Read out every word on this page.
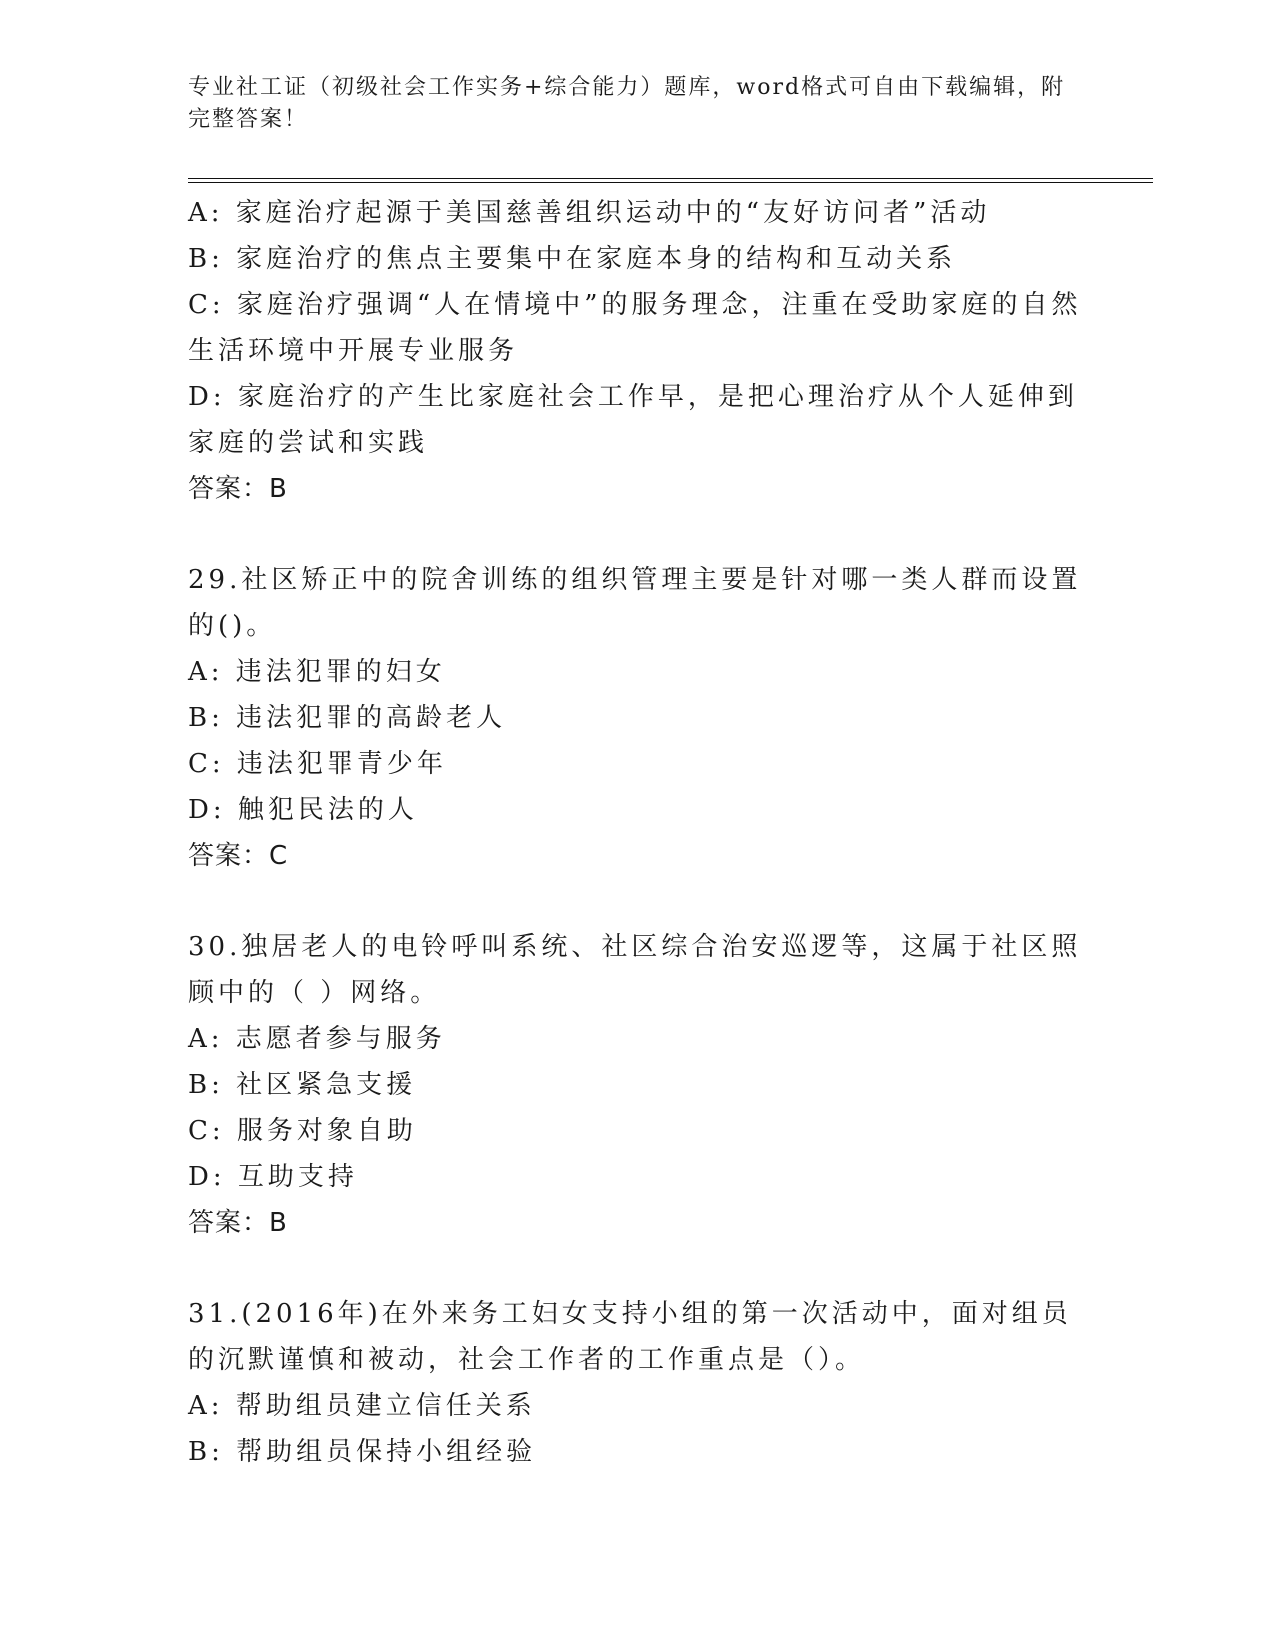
专业社工证（初级社会工作实务+综合能力）题库，word格式可自由下载编辑，附
完整答案！
A: 家庭治疗起源于美国慈善组织运动中的“友好访问者”活动
B: 家庭治疗的焦点主要集中在家庭本身的结构和互动关系
C: 家庭治疗强调“人在情境中”的服务理念，注重在受助家庭的自然生活环境中开展专业服务
D: 家庭治疗的产生比家庭社会工作早，是把心理治疗从个人延伸到家庭的尝试和实践
答案：B
29.社区矫正中的院舍训练的组织管理主要是针对哪一类人群而设置的()。
A: 违法犯罪的妇女
B: 违法犯罪的高龄老人
C: 违法犯罪青少年
D: 触犯民法的人
答案：C
30.独居老人的电铃呼叫系统、社区综合治安巡逻等，这属于社区照顾中的（ ）网络。
A: 志愿者参与服务
B: 社区紧急支援
C: 服务对象自助
D: 互助支持
答案：B
31.(2016年)在外来务工妇女支持小组的第一次活动中，面对组员的沉默谨慎和被动，社会工作者的工作重点是（）。
A: 帮助组员建立信任关系
B: 帮助组员保持小组经验
